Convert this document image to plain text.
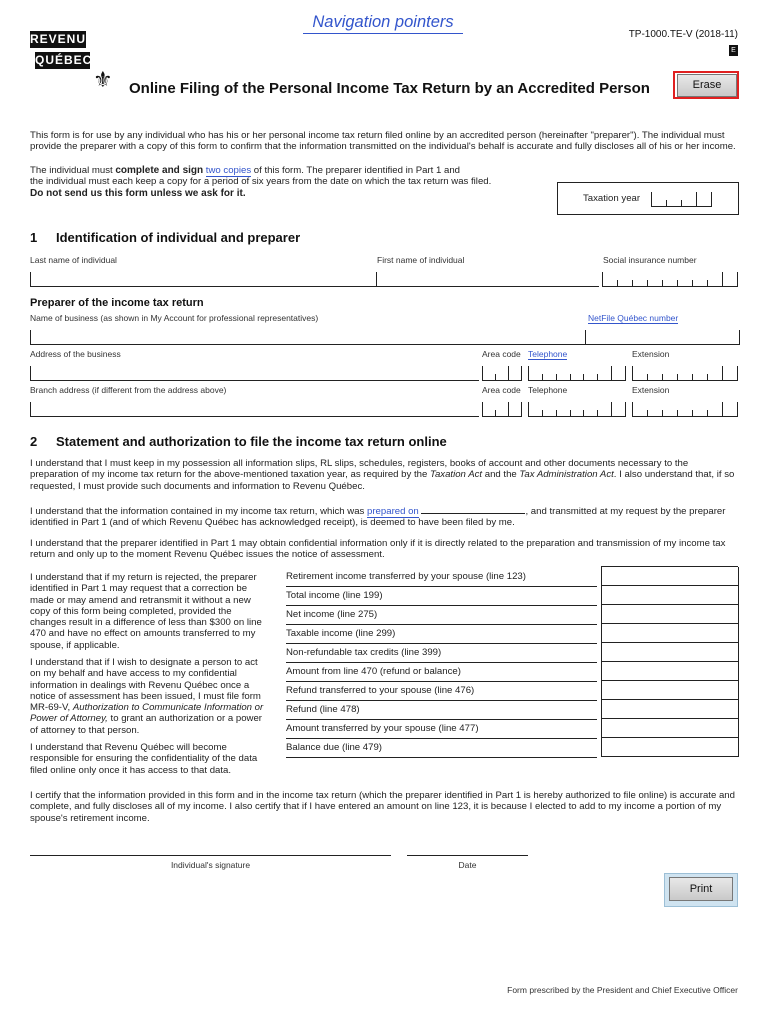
Navigation pointers
REVENU
QUÉBEC
⚜
TP-1000.TE-V (2018-11)
E
Online Filing of the Personal Income Tax Return by an Accredited Person	Erase
This form is for use by any individual who has his or her personal income tax return filed online by an accredited person (hereinafter "preparer"). The individual must provide the preparer with a copy of this form to confirm that the information transmitted on the individual's behalf is accurate and fully discloses all of his or her income.
The individual must complete and sign two copies of this form. The preparer identified in Part 1 and
the individual must each keep a copy for a period of six years from the date on which the tax return was filed.
Do not send us this form unless we ask for it.	Taxation year
1 Identification of individual and preparer
Last name of individual	First name of individual	Social insurance number
Preparer of the income tax return
Name of business (as shown in My Account for professional representatives)	NetFile Québec number
Address of the business	Area code Telephone	Extension
Branch address (if different from the address above)	Area code Telephone	Extension
2 Statement and authorization to file the income tax return online
I understand that I must keep in my possession all information slips, RL slips, schedules, registers, books of account and other documents necessary to the preparation of my income tax return for the above-mentioned taxation year, as required by the Taxation Act and the Tax Administration Act. I also understand that, if so requested, I must provide such documents and information to Revenu Québec.
I understand that the information contained in my income tax return, which was prepared on	, and transmitted at my request by the preparer
identified in Part 1 (and of which Revenu Québec has acknowledged receipt), is deemed to have been filed by me.
I understand that the preparer identified in Part 1 may obtain confidential information only if it is directly related to the preparation and transmission of my income tax return and only up to the moment Revenu Québec issues the notice of assessment.
I understand that if my return is rejected, the preparer identified in Part 1 may request that a correction be made or may amend and retransmit it without a new copy of this form being completed, provided the changes result in a difference of less than $300 on line 470 and have no effect on amounts transferred to my spouse, if applicable.
I understand that if I wish to designate a person to act on my behalf and have access to my confidential information in dealings with Revenu Québec once a notice of assessment has been issued, I must file form MR-69-V, Authorization to Communicate Information or Power of Attorney, to grant an authorization or a power of attorney to that person.
I understand that Revenu Québec will become responsible for ensuring the confidentiality of the data filed online only once it has access to that data.
Retirement income transferred by your spouse (line 123)
Total income (line 199)
Net income (line 275)
Taxable income (line 299)
Non-refundable tax credits (line 399)
Amount from line 470 (refund or balance)
Refund transferred to your spouse (line 476)
Refund (line 478)
Amount transferred by your spouse (line 477)
Balance due (line 479)
I certify that the information provided in this form and in the income tax return (which the preparer identified in Part 1 is hereby authorized to file online) is accurate and complete, and fully discloses all of my income. I also certify that if I have entered an amount on line 123, it is because I elected to add to my income a portion of my spouse's retirement income.
Individual's signature	Date
Print
Form prescribed by the President and Chief Executive Officer
